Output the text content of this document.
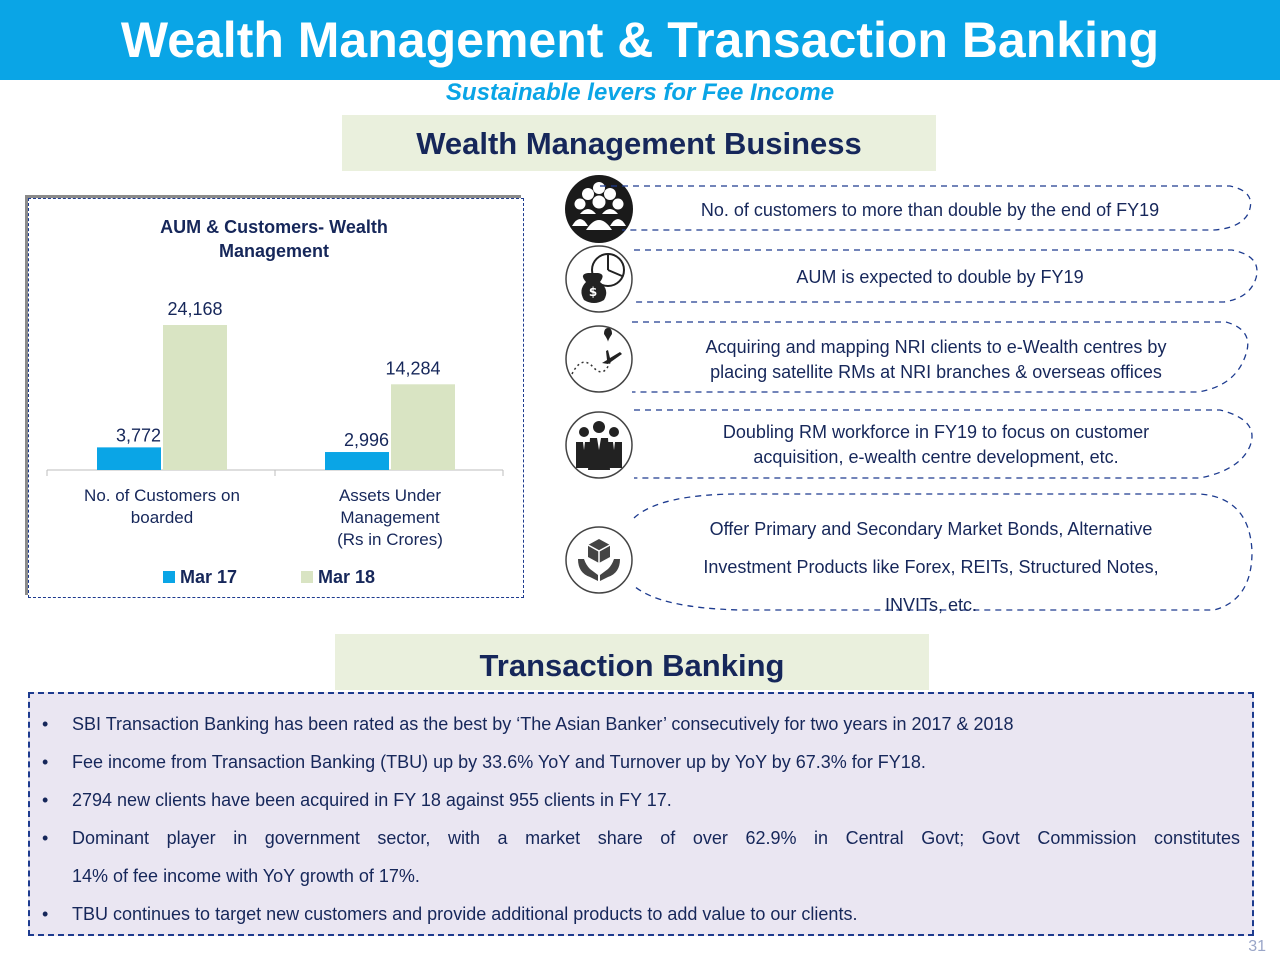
Wealth Management & Transaction Banking
Sustainable levers for Fee Income
Wealth Management Business
AUM & Customers- Wealth
Management
3,772
24,168
2,996
14,284
No. of Customers on
boarded
Assets Under
Management
(Rs in Crores)
Mar 17	Mar 18
$
No. of customers to more than double by the end of FY19
AUM is expected to double by FY19
Acquiring and mapping NRI clients to e-Wealth centres by
placing satellite RMs at NRI branches & overseas offices
Doubling RM workforce in FY19 to focus on customer
acquisition, e-wealth centre development, etc.
Offer Primary and Secondary Market Bonds, Alternative
Investment Products like Forex, REITs, Structured Notes,
INVITs, etc.
Transaction Banking
• SBI Transaction Banking has been rated as the best by ‘The Asian Banker’ consecutively for two years in 2017 & 2018
• Fee income from Transaction Banking (TBU) up by 33.6% YoY and Turnover up by YoY by 67.3% for FY18.
• 2794 new clients have been acquired in FY 18 against 955 clients in FY 17.
• Dominant player in government sector, with a market share of over 62.9% in Central Govt; Govt Commission constitutes
14% of fee income with YoY growth of 17%.
• TBU continues to target new customers and provide additional products to add value to our clients.
31
